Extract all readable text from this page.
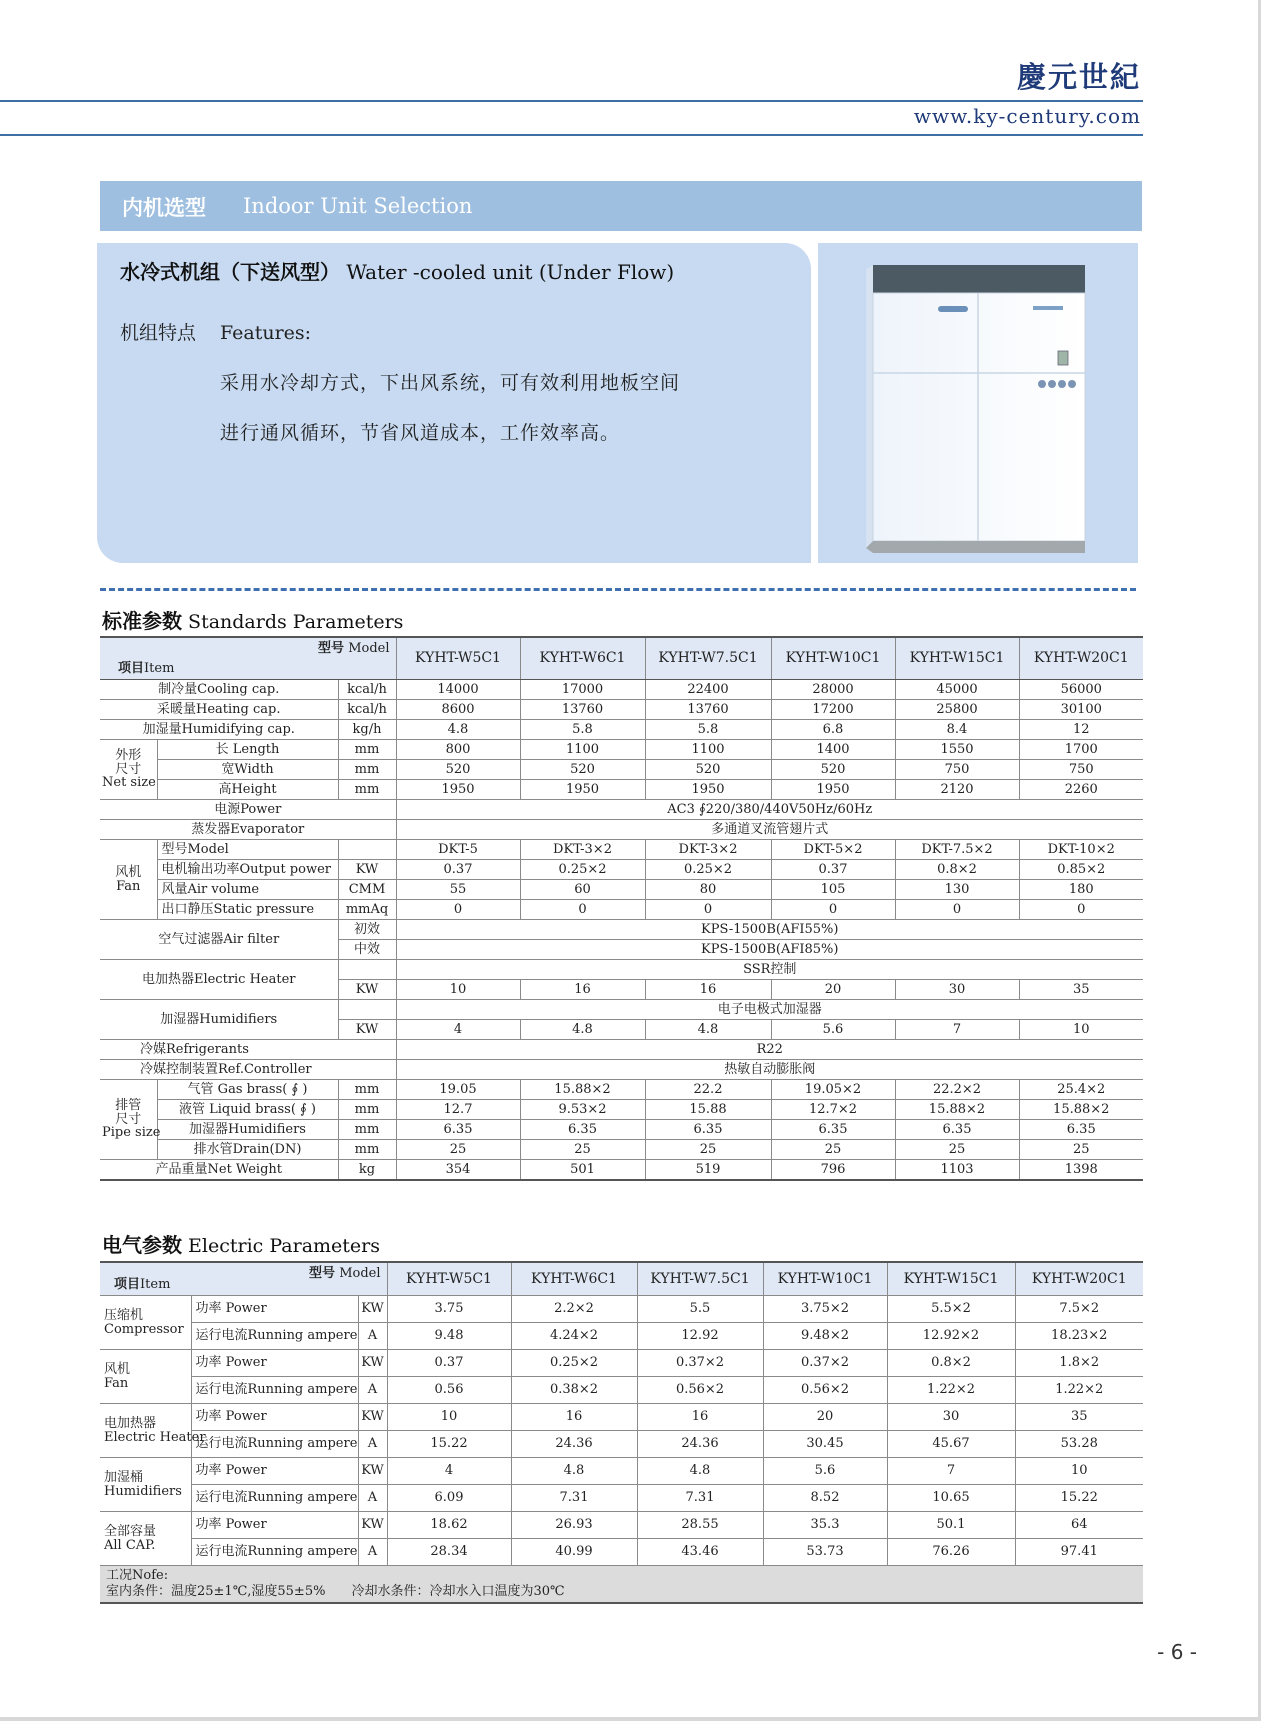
慶元世紀
www.ky-century.com
内机选型 Indoor Unit Selection
水冷式机组（下送风型） Water -cooled unit (Under Flow)
机组特点 Features:
采用水冷却方式，下出风系统，可有效利用地板空间
进行通风循环，节省风道成本，工作效率高。
标准参数 Standards Parameters
型号 Model
项目Item			KYHT-W5C1	KYHT-W6C1	KYHT-W7.5C1	KYHT-W10C1	KYHT-W15C1	KYHT-W20C1
制冷量Cooling cap.		kcal/h	14000	17000	22400	28000	45000	56000
采暖量Heating cap.		kcal/h	8600	13760	13760	17200	25800	30100
加湿量Humidifying cap.		kg/h	4.8	5.8	5.8	6.8	8.4	12
外形
尺寸
Net size	长 Length	mm	800	1100	1100	1400	1550	1700
	宽Width	mm	520	520	520	520	750	750
	高Height	mm	1950	1950	1950	1950	2120	2260
电源Power			AC3 ∮220/380/440V50Hz/60Hz					
蒸发器Evaporator			多通道叉流管翅片式					
风机
Fan	型号Model		DKT-5	DKT-3×2	DKT-3×2	DKT-5×2	DKT-7.5×2	DKT-10×2
	电机输出功率Output power	KW	0.37	0.25×2	0.25×2	0.37	0.8×2	0.85×2
	风量Air volume	CMM	55	60	80	105	130	180
	出口静压Static pressure	mmAq	0	0	0	0	0	0
空气过滤器Air filter		初效	KPS-1500B(AFI55%)					
		中效	KPS-1500B(AFI85%)					
电加热器Electric Heater			SSR控制					
		KW	10	16	16	20	30	35
加湿器Humidifiers			电子电极式加湿器					
		KW	4	4.8	4.8	5.6	7	10
冷媒Refrigerants			R22					
冷媒控制装置Ref.Controller			热敏自动膨胀阀					
排管
尺寸
Pipe size	气管 Gas brass( ∮ )	mm	19.05	15.88×2	22.2	19.05×2	22.2×2	25.4×2
	液管 Liquid brass( ∮ )	mm	12.7	9.53×2	15.88	12.7×2	15.88×2	15.88×2
	加湿器Humidifiers	mm	6.35	6.35	6.35	6.35	6.35	6.35
	排水管Drain(DN)	mm	25	25	25	25	25	25
产品重量Net Weight		kg	354	501	519	796	1103	1398
电气参数 Electric Parameters
型号 Model
项目Item			KYHT-W5C1	KYHT-W6C1	KYHT-W7.5C1	KYHT-W10C1	KYHT-W15C1	KYHT-W20C1
压缩机
Compressor	功率 Power	KW	3.75	2.2×2	5.5	3.75×2	5.5×2	7.5×2
	运行电流Running ampere	A	9.48	4.24×2	12.92	9.48×2	12.92×2	18.23×2
风机
Fan	功率 Power	KW	0.37	0.25×2	0.37×2	0.37×2	0.8×2	1.8×2
	运行电流Running ampere	A	0.56	0.38×2	0.56×2	0.56×2	1.22×2	1.22×2
电加热器
Electric Heater	功率 Power	KW	10	16	16	20	30	35
	运行电流Running ampere	A	15.22	24.36	24.36	30.45	45.67	53.28
加湿桶
Humidifiers	功率 Power	KW	4	4.8	4.8	5.6	7	10
	运行电流Running ampere	A	6.09	7.31	7.31	8.52	10.65	15.22
全部容量
All CAP.	功率 Power	KW	18.62	26.93	28.55	35.3	50.1	64
	运行电流Running ampere	A	28.34	40.99	43.46	53.73	76.26	97.41
工况Nofe:
室内条件：温度25±1℃,湿度55±5%　　冷却水条件：冷却水入口温度为30℃								
- 6 -
